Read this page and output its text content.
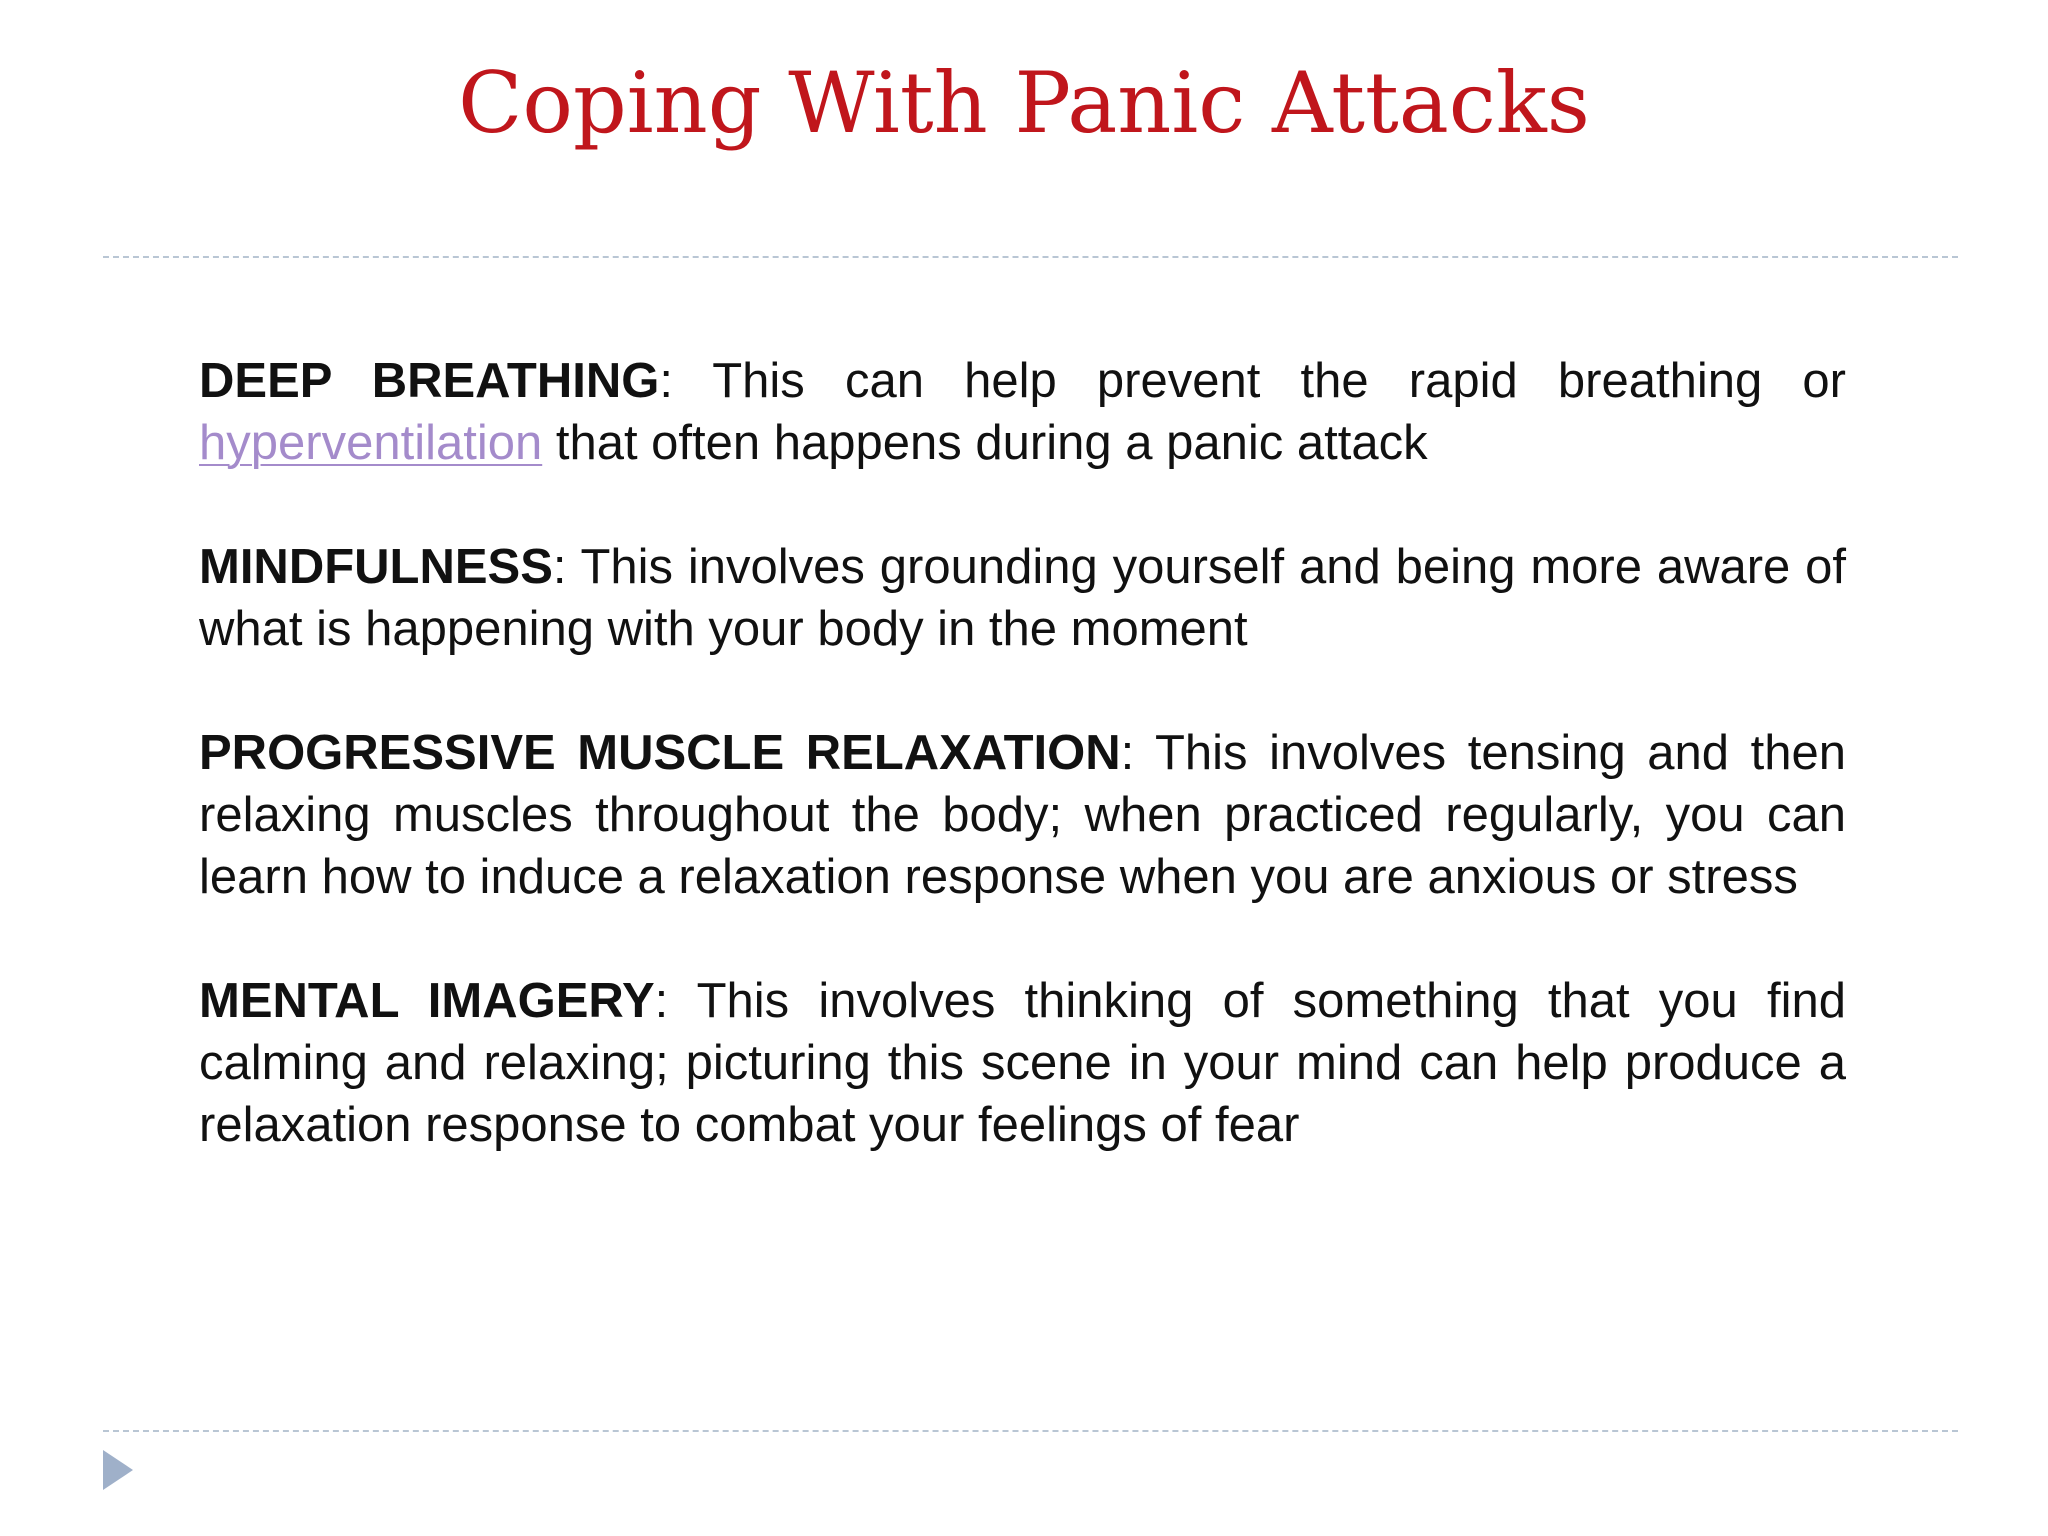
Coping With Panic Attacks

DEEP BREATHING: This can help prevent the rapid breathing or hyperventilation that often happens during a panic attack

MINDFULNESS: This involves grounding yourself and being more aware of what is happening with your body in the moment

PROGRESSIVE MUSCLE RELAXATION: This involves tensing and then relaxing muscles throughout the body; when practiced regularly, you can learn how to induce a relaxation response when you are anxious or stress

MENTAL IMAGERY: This involves thinking of something that you find calming and relaxing; picturing this scene in your mind can help produce a relaxation response to combat your feelings of fear
